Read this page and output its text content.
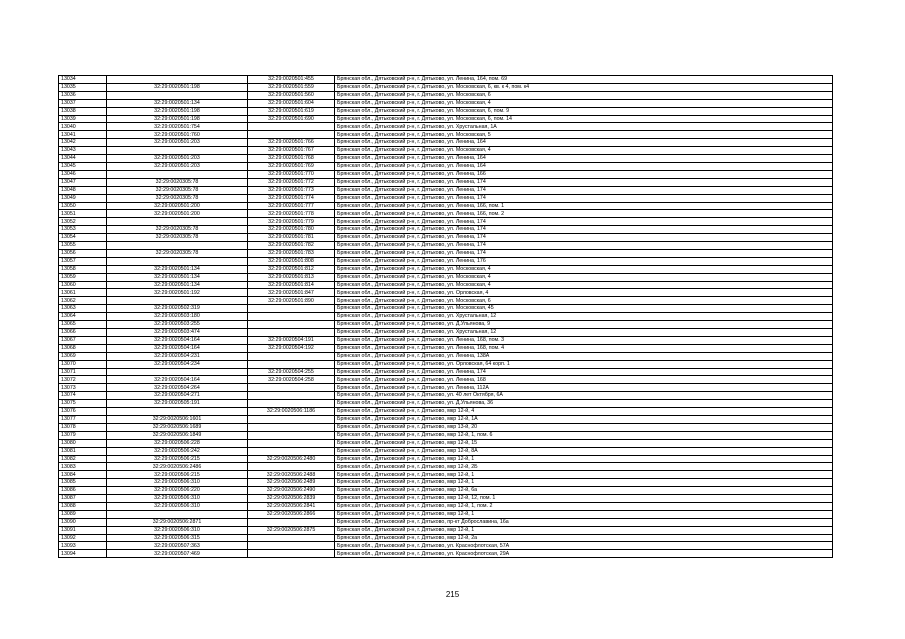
13034		32:29:0020501:455	Брянская обл., Дятьковский р-н, г. Дятьково, ул. Ленина, 164, пом. 69
13035	32:29:0020501:198	32:29:0020501:559	Брянская обл., Дятьковский р-н, г. Дятьково, ул. Московская, 6, кв. к 4, пом. к4
13036		32:29:0020501:560	Брянская обл., Дятьковский р-н, г. Дятьково, ул. Московская, 6
13037	32:29:0020501:134	32:29:0020501:604	Брянская обл., Дятьковский р-н, г. Дятьково, ул. Московская, 4
13038	32:29:0020501:198	32:29:0020501:619	Брянская обл., Дятьковский р-н, г. Дятьково, ул. Московская, 6, пом. 9
13039	32:29:0020501:198	32:29:0020501:690	Брянская обл., Дятьковский р-н, г. Дятьково, ул. Московская, 6, пом. 14
13040	32:29:0020501:754		Брянская обл., Дятьковский р-н, г. Дятьково, ул. Хрустальная, 1А
13041	32:29:0020501:760		Брянская обл., Дятьковский р-н, г. Дятьково, ул. Московская, 5
13042	32:29:0020501:203	32:29:0020501:766	Брянская обл., Дятьковский р-н, г. Дятьково, ул. Ленина, 164
13043		32:29:0020501:767	Брянская обл., Дятьковский р-н, г. Дятьково, ул. Московская, 4
13044	32:29:0020501:203	32:29:0020501:768	Брянская обл., Дятьковский р-н, г. Дятьково, ул. Ленина, 164
13045	32:29:0020501:203	32:29:0020501:769	Брянская обл., Дятьковский р-н, г. Дятьково, ул. Ленина, 164
13046		32:29:0020501:770	Брянская обл., Дятьковский р-н, г. Дятьково, ул. Ленина, 166
13047	32:29:0020305:78	32:29:0020501:772	Брянская обл., Дятьковский р-н, г. Дятьково, ул. Ленина, 174
13048	32:29:0020305:78	32:29:0020501:773	Брянская обл., Дятьковский р-н, г. Дятьково, ул. Ленина, 174
13049	32:29:0020305:78	32:29:0020501:774	Брянская обл., Дятьковский р-н, г. Дятьково, ул. Ленина, 174
13050	32:29:0020501:200	32:29:0020501:777	Брянская обл., Дятьковский р-н, г. Дятьково, ул. Ленина, 166, пом. 1
13051	32:29:0020501:200	32:29:0020501:778	Брянская обл., Дятьковский р-н, г. Дятьково, ул. Ленина, 166, пом. 2
13052		32:29:0020501:779	Брянская обл., Дятьковский р-н, г. Дятьково, ул. Ленина, 174
13053	32:29:0020305:78	32:29:0020501:780	Брянская обл., Дятьковский р-н, г. Дятьково, ул. Ленина, 174
13054	32:29:0020305:78	32:29:0020501:781	Брянская обл., Дятьковский р-н, г. Дятьково, ул. Ленина, 174
13055		32:29:0020501:782	Брянская обл., Дятьковский р-н, г. Дятьково, ул. Ленина, 174
13056	32:29:0020305:78	32:29:0020501:783	Брянская обл., Дятьковский р-н, г. Дятьково, ул. Ленина, 174
13057		32:29:0020501:808	Брянская обл., Дятьковский р-н, г. Дятьково, ул. Ленина, 176
13058	32:29:0020501:134	32:29:0020501:812	Брянская обл., Дятьковский р-н, г. Дятьково, ул. Московская, 4
13059	32:29:0020501:134	32:29:0020501:813	Брянская обл., Дятьковский р-н, г. Дятьково, ул. Московская, 4
13060	32:29:0020501:134	32:29:0020501:814	Брянская обл., Дятьковский р-н, г. Дятьково, ул. Московская, 4
13061	32:29:0020501:192	32:29:0020501:847	Брянская обл., Дятьковский р-н, г. Дятьково, ул. Орловская, 4
13062		32:29:0020501:890	Брянская обл., Дятьковский р-н, г. Дятьково, ул. Московская, 6
13063	32:29:0020502:319		Брянская обл., Дятьковский р-н, г. Дятьково, ул. Московская, 45
13064	32:29:0020503:180		Брянская обл., Дятьковский р-н, г. Дятьково, ул. Хрустальная, 12
13065	32:29:0020503:255		Брянская обл., Дятьковский р-н, г. Дятьково, ул. Д.Ульянова, 9
13066	32:29:0020503:474		Брянская обл., Дятьковский р-н, г. Дятьково, ул. Хрустальная, 12
13067	32:29:0020504:164	32:29:0020504:191	Брянская обл., Дятьковский р-н, г. Дятьково, ул. Ленина, 168, пом. 3
13068	32:29:0020504:164	32:29:0020504:192	Брянская обл., Дятьковский р-н, г. Дятьково, ул. Ленина, 168, пом. 4
13069	32:29:0020504:231		Брянская обл., Дятьковский р-н, г. Дятьково, ул. Ленина, 138А
13070	32:29:0020504:234		Брянская обл., Дятьковский р-н, г. Дятьково, ул. Орловская, 64 корп. 1
13071		32:29:0020504:255	Брянская обл., Дятьковский р-н, г. Дятьково, ул. Ленина, 174
13072	32:29:0020504:164	32:29:0020504:258	Брянская обл., Дятьковский р-н, г. Дятьково, ул. Ленина, 168
13073	32:29:0020504:264		Брянская обл., Дятьковский р-н, г. Дятьково, ул. Ленина, 112А
13074	32:29:0020504:271		Брянская обл., Дятьковский р-н, г. Дятьково, ул. 40 лет Октября, 6А
13075	32:29:0020505:191		Брянская обл., Дятьковский р-н, г. Дятьково, ул. Д.Ульянова, 36
13076		32:29:0020506:1186	Брянская обл., Дятьковский р-н, г. Дятьково, мкр 12-й, 4
13077	32:29:0020506:1601		Брянская обл., Дятьковский р-н, г. Дятьково, мкр 12-й, 1А
13078	32:29:0020506:1689		Брянская обл., Дятьковский р-н, г. Дятьково, мкр 13-й, 20
13079	32:29:0020506:1849		Брянская обл., Дятьковский р-н, г. Дятьково, мкр 12-й, 1, пом. 6
13080	32:29:0020506:228		Брянская обл., Дятьковский р-н, г. Дятьково, мкр 12-й, 15
13081	32:29:0020506:242		Брянская обл., Дятьковский р-н, г. Дятьково, мкр 12-й, 8А
13082	32:29:0020506:215	32:29:0020506:2480	Брянская обл., Дятьковский р-н, г. Дятьково, мкр 12-й, 1
13083	32:29:0020506:2486		Брянская обл., Дятьковский р-н, г. Дятьково, мкр 12-й, 2Б
13084	32:29:0020506:215	32:29:0020506:2488	Брянская обл., Дятьковский р-н, г. Дятьково, мкр 12-й, 1
13085	32:29:0020506:310	32:29:0020506:2489	Брянская обл., Дятьковский р-н, г. Дятьково, мкр 12-й, 1
13086	32:29:0020506:220	32:29:0020506:2490	Брянская обл., Дятьковский р-н, г. Дятьково, мкр 12-й, 6а
13087	32:29:0020506:310	32:29:0020506:2839	Брянская обл., Дятьковский р-н, г. Дятьково, мкр 12-й, 12, пом. 1
13088	32:29:0020506:310	32:29:0020506:2841	Брянская обл., Дятьковский р-н, г. Дятьково, мкр 12-й, 1, пом. 2
13089		32:29:0020506:2866	Брянская обл., Дятьковский р-н, г. Дятьково, мкр 12-й, 1
13090	32:29:0020506:2871		Брянская обл., Дятьковский р-н, г. Дятьково, пр-кт Доброславина, 16а
13091	32:29:0020506:310	32:29:0020506:2875	Брянская обл., Дятьковский р-н, г. Дятьково, мкр 12-й, 1
13092	32:29:0020506:315		Брянская обл., Дятьковский р-н, г. Дятьково, мкр 12-й, 2а
13093	32:29:0020507:363		Брянская обл., Дятьковский р-н, г. Дятьково, ул. Краснофлотская, 57А
13094	32:29:0020507:469		Брянская обл., Дятьковский р-н, г. Дятьково, ул. Краснофлотская, 29А
215
